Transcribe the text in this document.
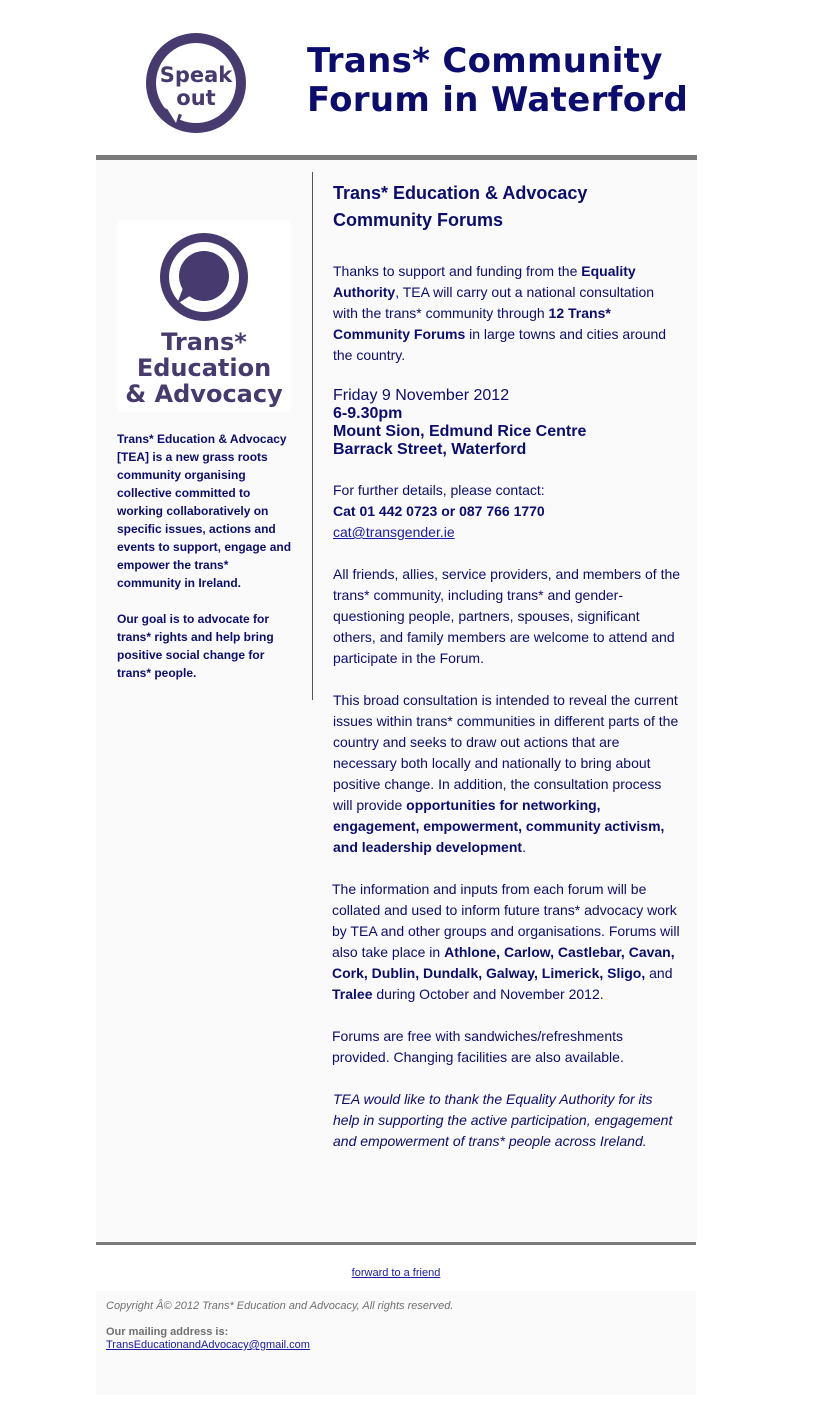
Speak
out
Trans* Community
Forum in Waterford
Trans*
Education
& Advocacy

Trans* Education & Advocacy [TEA] is a new grass roots community organising collective committed to working collaboratively on specific issues, actions and events to support, engage and empower the trans* community in Ireland.

Our goal is to advocate for trans* rights and help bring positive social change for trans* people.

Trans* Education & Advocacy
Community Forums

Thanks to support and funding from the Equality Authority, TEA will carry out a national consultation with the trans* community through 12 Trans* Community Forums in large towns and cities around the country.

Friday 9 November 2012
6-9.30pm
Mount Sion, Edmund Rice Centre
Barrack Street, Waterford

For further details, please contact:
Cat 01 442 0723 or 087 766 1770
cat@transgender.ie

All friends, allies, service providers, and members of the trans* community, including trans* and gender-questioning people, partners, spouses, significant others, and family members are welcome to attend and participate in the Forum.

This broad consultation is intended to reveal the current issues within trans* communities in different parts of the country and seeks to draw out actions that are necessary both locally and nationally to bring about positive change. In addition, the consultation process will provide opportunities for networking, engagement, empowerment, community activism, and leadership development.

The information and inputs from each forum will be collated and used to inform future trans* advocacy work by TEA and other groups and organisations. Forums will also take place in Athlone, Carlow, Castlebar, Cavan, Cork, Dublin, Dundalk, Galway, Limerick, Sligo, and Tralee during October and November 2012.

Forums are free with sandwiches/refreshments provided. Changing facilities are also available.

TEA would like to thank the Equality Authority for its help in supporting the active participation, engagement and empowerment of trans* people across Ireland.

forward to a friend
Copyright Â© 2012 Trans* Education and Advocacy, All rights reserved.
Our mailing address is:
TransEducationandAdvocacy@gmail.com
